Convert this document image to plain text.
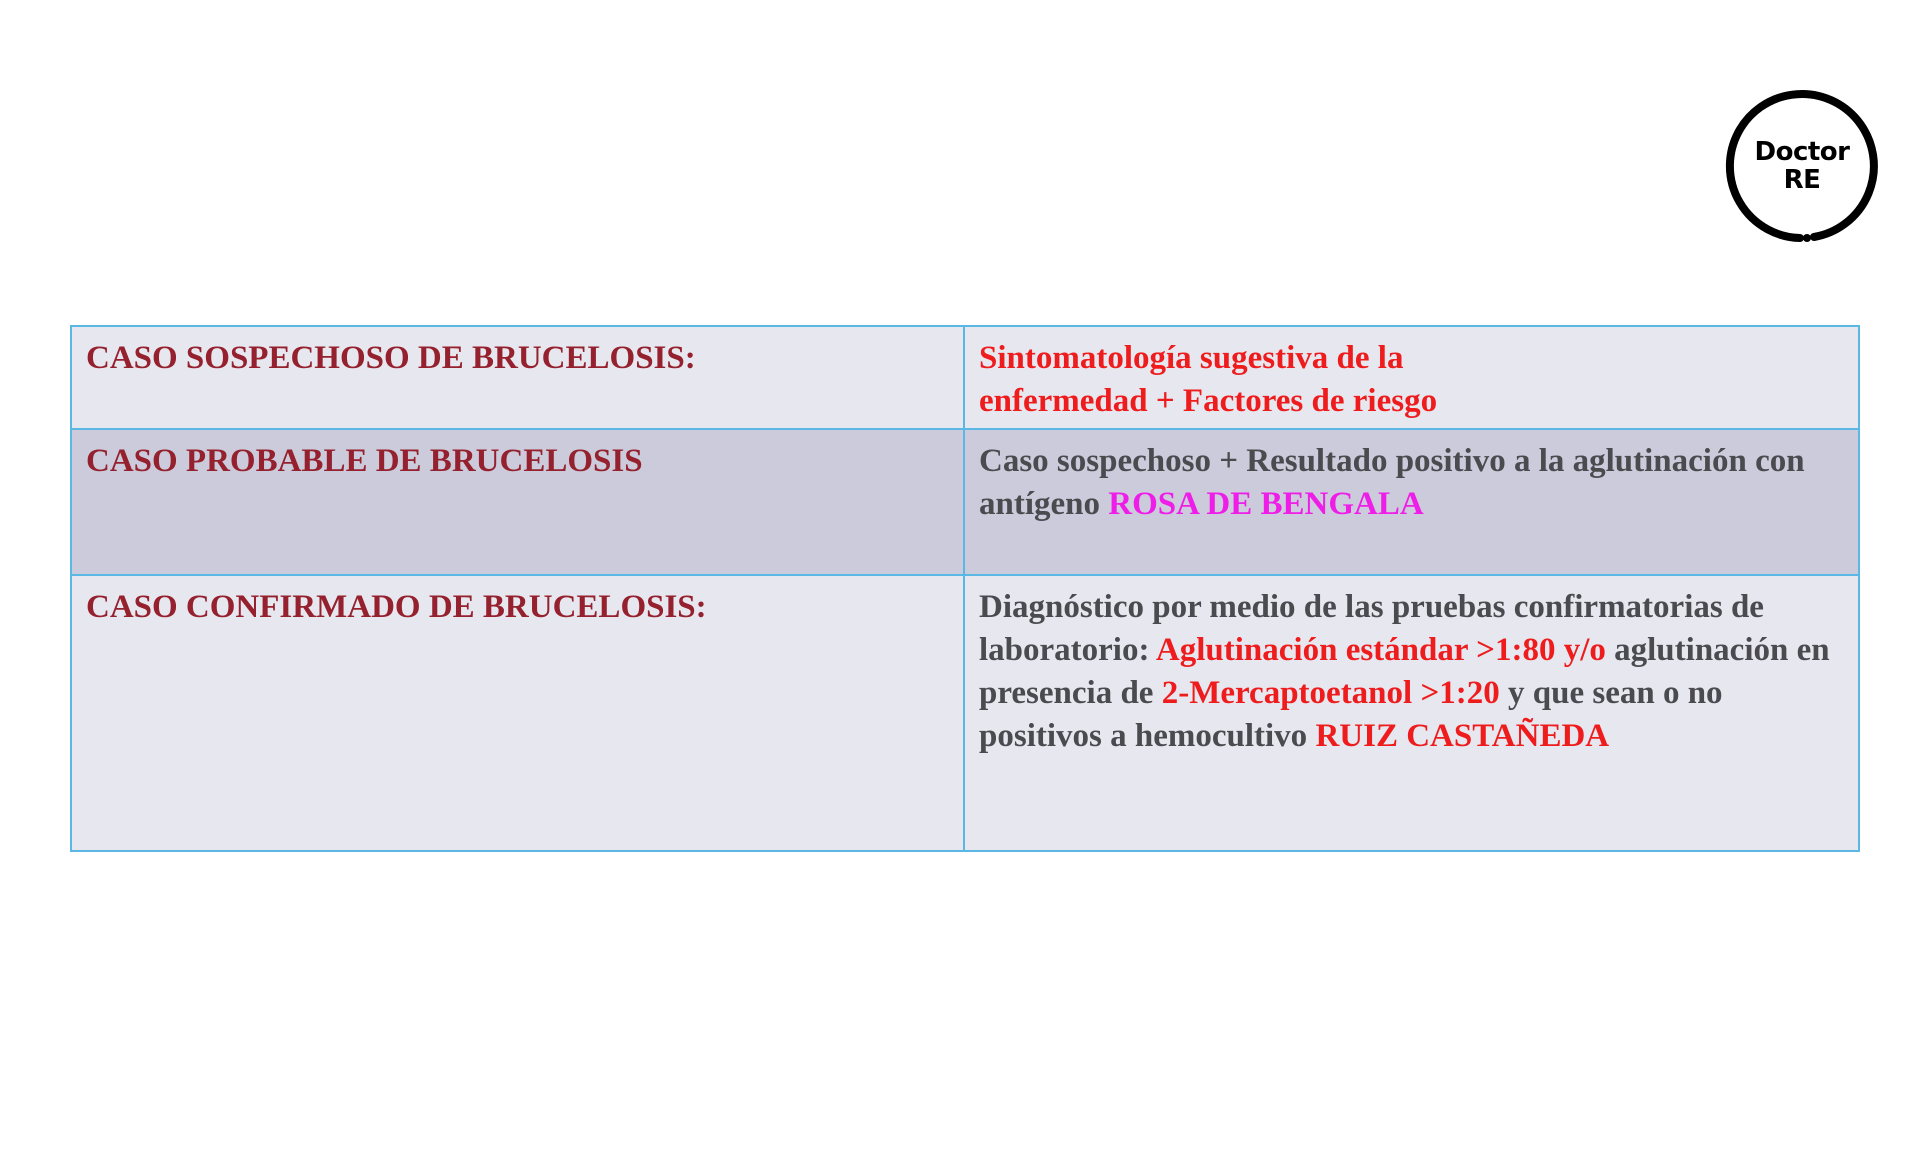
Doctor
RE
CASO SOSPECHOSO DE BRUCELOSIS:	Sintomatología sugestiva de la
enfermedad + Factores de riesgo
CASO PROBABLE DE BRUCELOSIS	Caso sospechoso + Resultado positivo a la aglutinación con antígeno ROSA DE BENGALA
CASO CONFIRMADO DE BRUCELOSIS:	Diagnóstico por medio de las pruebas confirmatorias de laboratorio: Aglutinación estándar >1:80 y/o aglutinación en presencia de 2-Mercaptoetanol >1:20 y que sean o no positivos a hemocultivo RUIZ CASTAÑEDA
